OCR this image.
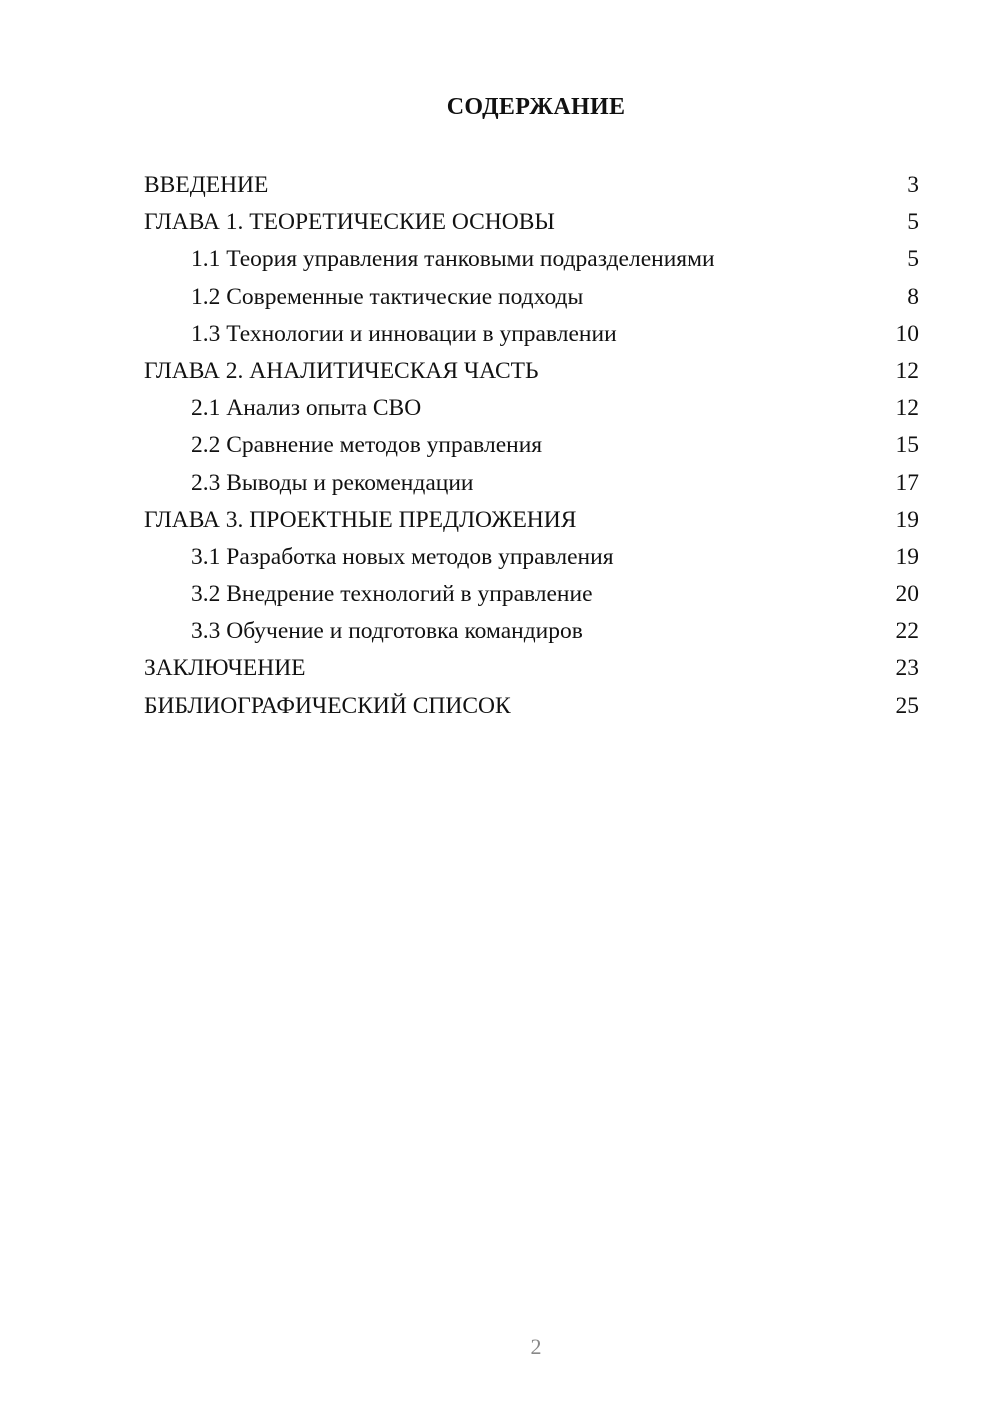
СОДЕРЖАНИЕ
ВВЕДЕНИЕ	3
ГЛАВА 1. ТЕОРЕТИЧЕСКИЕ ОСНОВЫ	5
1.1 Теория управления танковыми подразделениями	5
1.2 Современные тактические подходы	8
1.3 Технологии и инновации в управлении	10
ГЛАВА 2. АНАЛИТИЧЕСКАЯ ЧАСТЬ	12
2.1 Анализ опыта СВО	12
2.2 Сравнение методов управления	15
2.3 Выводы и рекомендации	17
ГЛАВА 3. ПРОЕКТНЫЕ ПРЕДЛОЖЕНИЯ	19
3.1 Разработка новых методов управления	19
3.2 Внедрение технологий в управление	20
3.3 Обучение и подготовка командиров	22
ЗАКЛЮЧЕНИЕ	23
БИБЛИОГРАФИЧЕСКИЙ СПИСОК	25
2
